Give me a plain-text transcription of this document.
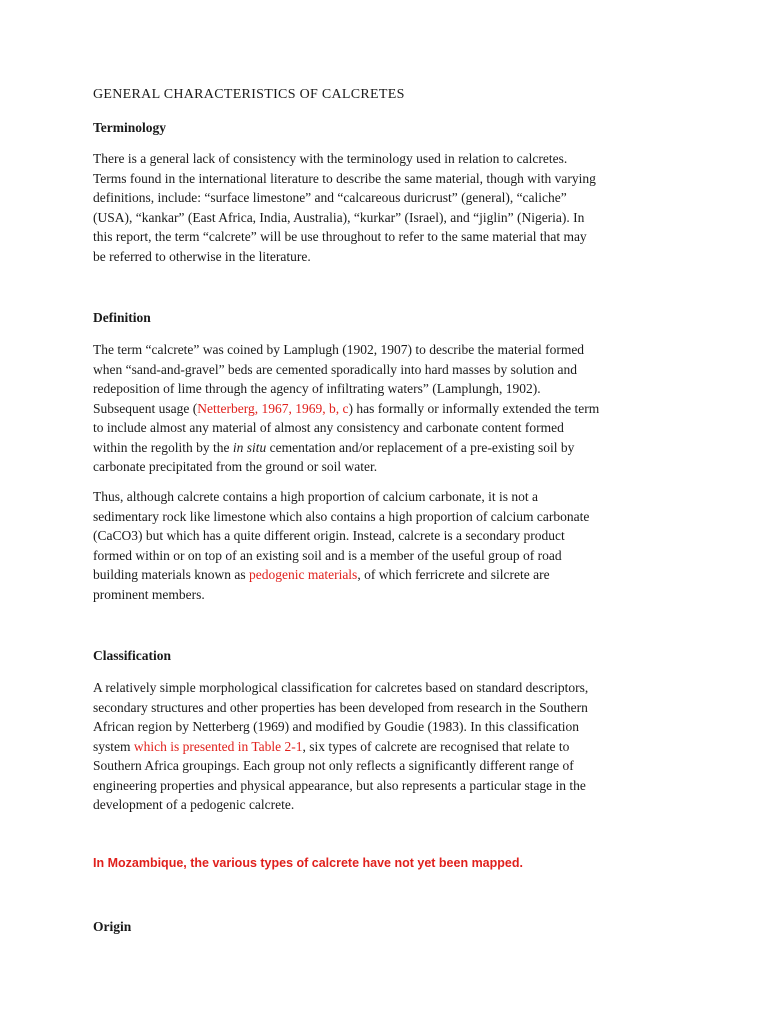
GENERAL CHARACTERISTICS OF CALCRETES
Terminology
There is a general lack of consistency with the terminology used in relation to calcretes.
Terms found in the international literature to describe the same material, though with varying
definitions, include: “surface limestone” and “calcareous duricrust” (general), “caliche”
(USA), “kankar” (East Africa, India, Australia), “kurkar” (Israel), and “jiglin” (Nigeria). In
this report, the term “calcrete” will be use throughout to refer to the same material that may
be referred to otherwise in the literature.
Definition
The term “calcrete” was coined by Lamplugh (1902, 1907) to describe the material formed
when “sand-and-gravel” beds are cemented sporadically into hard masses by solution and
redeposition of lime through the agency of infiltrating waters” (Lamplungh, 1902).
Subsequent usage (Netterberg, 1967, 1969, b, c) has formally or informally extended the term
to include almost any material of almost any consistency and carbonate content formed
within the regolith by the in situ cementation and/or replacement of a pre-existing soil by
carbonate precipitated from the ground or soil water.
Thus, although calcrete contains a high proportion of calcium carbonate, it is not a
sedimentary rock like limestone which also contains a high proportion of calcium carbonate
(CaCO3) but which has a quite different origin. Instead, calcrete is a secondary product
formed within or on top of an existing soil and is a member of the useful group of road
building materials known as pedogenic materials, of which ferricrete and silcrete are
prominent members.
Classification
A relatively simple morphological classification for calcretes based on standard descriptors,
secondary structures and other properties has been developed from research in the Southern
African region by Netterberg (1969) and modified by Goudie (1983). In this classification
system which is presented in Table 2-1, six types of calcrete are recognised that relate to
Southern Africa groupings. Each group not only reflects a significantly different range of
engineering properties and physical appearance, but also represents a particular stage in the
development of a pedogenic calcrete.
In Mozambique, the various types of calcrete have not yet been mapped.
Origin
